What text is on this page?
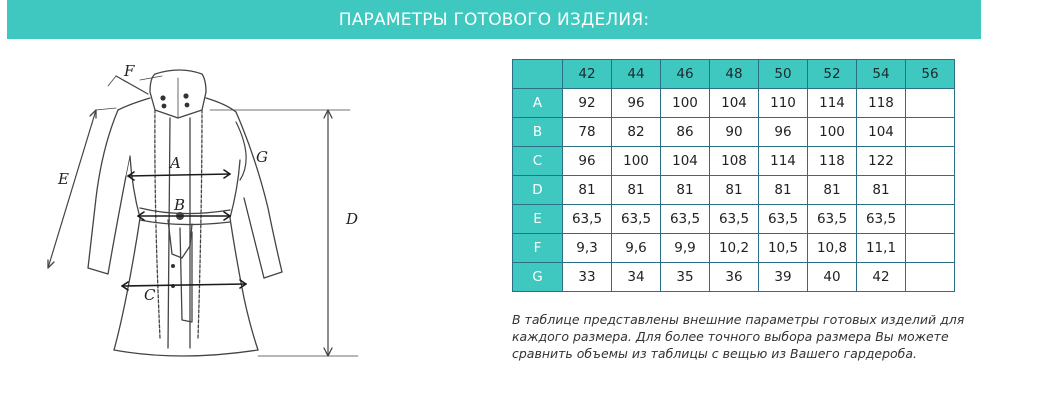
ПАРАМЕТРЫ ГОТОВОГО ИЗДЕЛИЯ:
F
E
A	G
B
C
D
	42	44	46	48	50	52	54	56
A	92	96	100	104	110	114	118	
B	78	82	86	90	96	100	104	
C	96	100	104	108	114	118	122	
D	81	81	81	81	81	81	81	
E	63,5	63,5	63,5	63,5	63,5	63,5	63,5	
F	9,3	9,6	9,9	10,2	10,5	10,8	11,1	
G	33	34	35	36	39	40	42	
В таблице представлены внешние параметры готовых изделий для каждого размера. Для более точного выбора размера Вы можете сравнить объемы из таблицы с вещью из Вашего гардероба.
